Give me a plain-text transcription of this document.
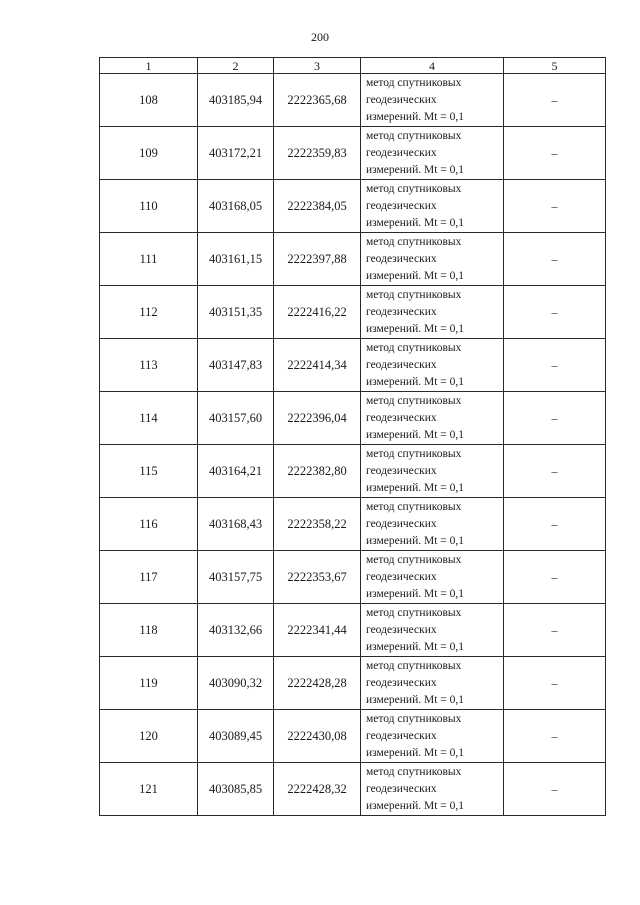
200
1	2	3	4	5
108	403185,94	2222365,68	метод спутниковых
геодезических
измерений. Mt = 0,1	–
109	403172,21	2222359,83	метод спутниковых
геодезических
измерений. Mt = 0,1	–
110	403168,05	2222384,05	метод спутниковых
геодезических
измерений. Mt = 0,1	–
111	403161,15	2222397,88	метод спутниковых
геодезических
измерений. Mt = 0,1	–
112	403151,35	2222416,22	метод спутниковых
геодезических
измерений. Mt = 0,1	–
113	403147,83	2222414,34	метод спутниковых
геодезических
измерений. Mt = 0,1	–
114	403157,60	2222396,04	метод спутниковых
геодезических
измерений. Mt = 0,1	–
115	403164,21	2222382,80	метод спутниковых
геодезических
измерений. Mt = 0,1	–
116	403168,43	2222358,22	метод спутниковых
геодезических
измерений. Mt = 0,1	–
117	403157,75	2222353,67	метод спутниковых
геодезических
измерений. Mt = 0,1	–
118	403132,66	2222341,44	метод спутниковых
геодезических
измерений. Mt = 0,1	–
119	403090,32	2222428,28	метод спутниковых
геодезических
измерений. Mt = 0,1	–
120	403089,45	2222430,08	метод спутниковых
геодезических
измерений. Mt = 0,1	–
121	403085,85	2222428,32	метод спутниковых
геодезических
измерений. Mt = 0,1	–
